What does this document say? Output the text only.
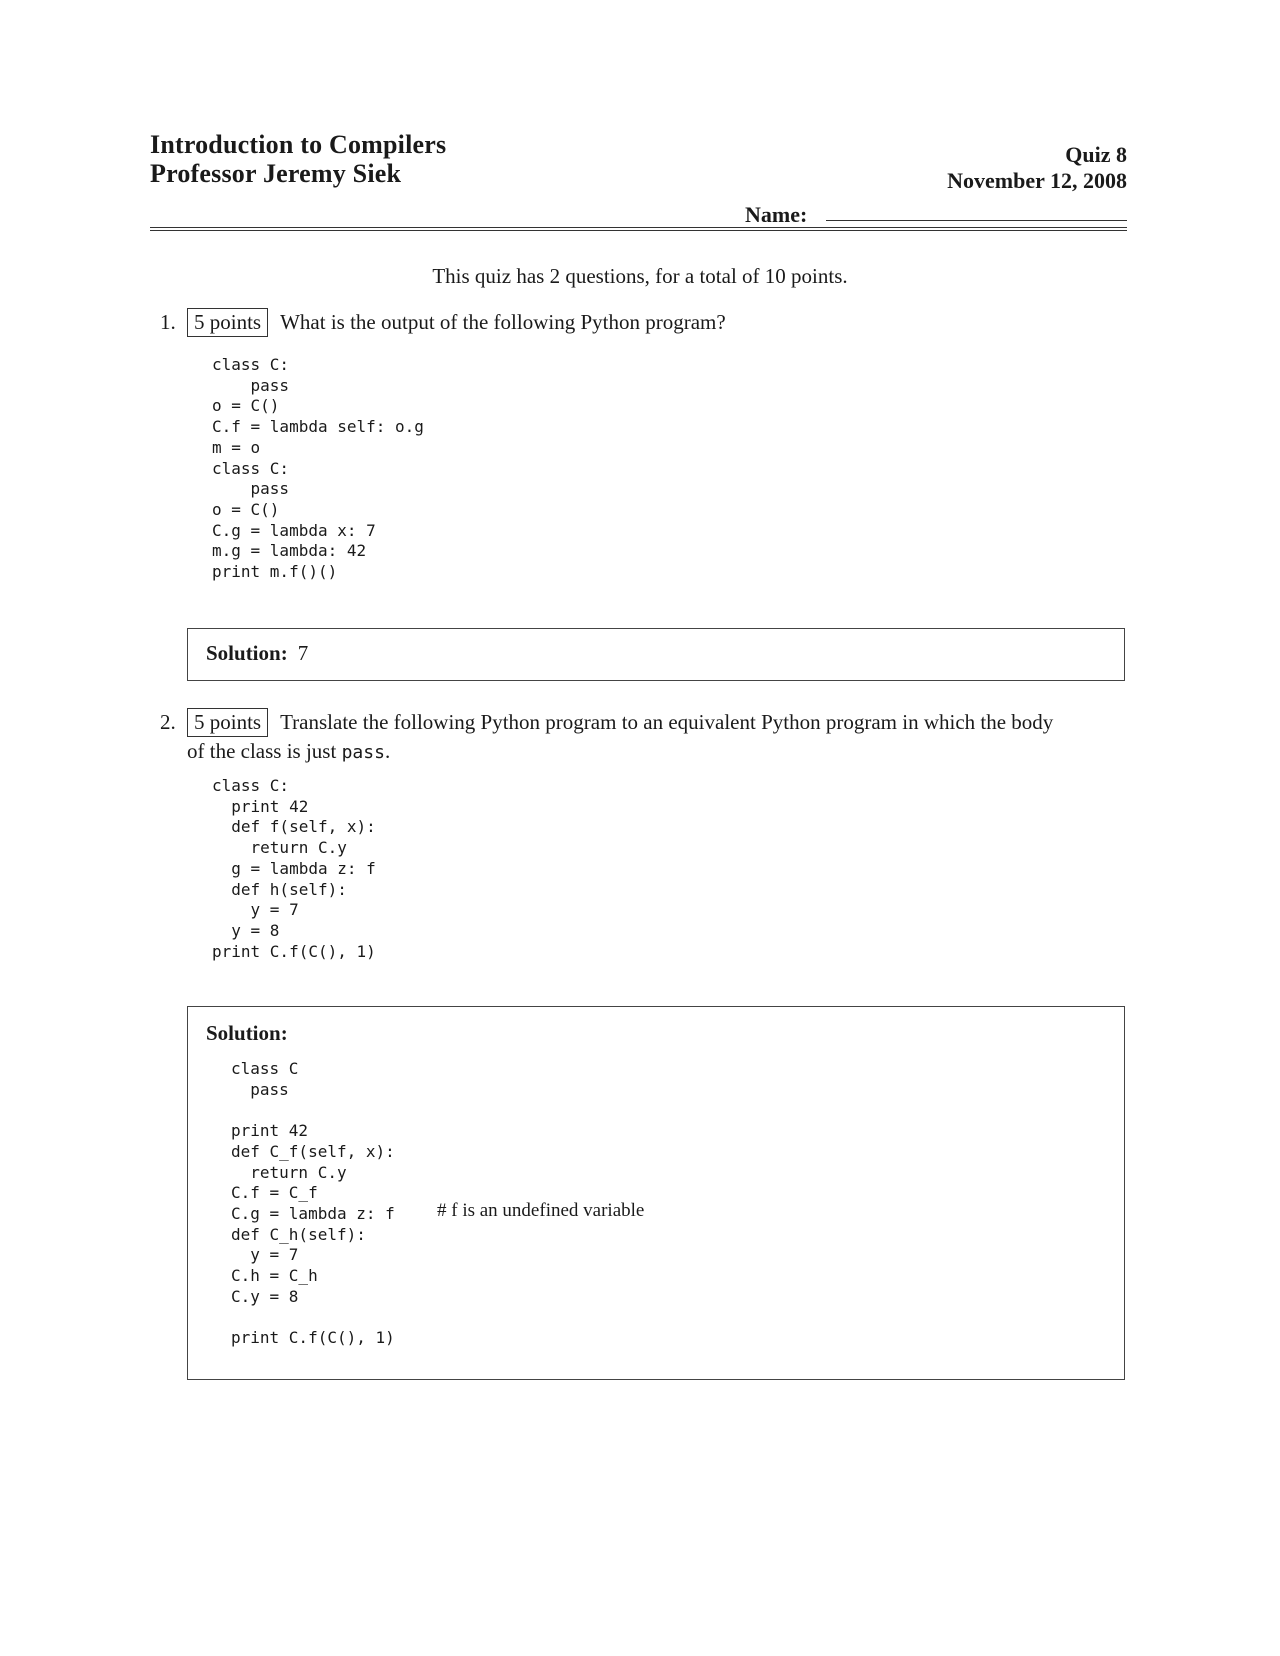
Introduction to Compilers
Professor Jeremy Siek
Quiz 8
November 12, 2008
Name:
This quiz has 2 questions, for a total of 10 points.
1. 5 points What is the output of the following Python program?
class C:
pass
o = C()
C.f = lambda self: o.g
m = o
class C:
pass
o = C()
C.g = lambda x: 7
m.g = lambda: 42
print m.f()()
Solution: 7
2. 5 points Translate the following Python program to an equivalent Python program in which the body
of the class is just pass.
class C:
print 42
def f(self, x):
return C.y
g = lambda z: f
def h(self):
y = 7
y = 8
print C.f(C(), 1)
Solution:
class C
pass

print 42
def C_f(self, x):
return C.y
C.f = C_f
C.g = lambda z: f
def C_h(self):
y = 7
C.h = C_h
C.y = 8

print C.f(C(), 1)
# f is an undefined variable
